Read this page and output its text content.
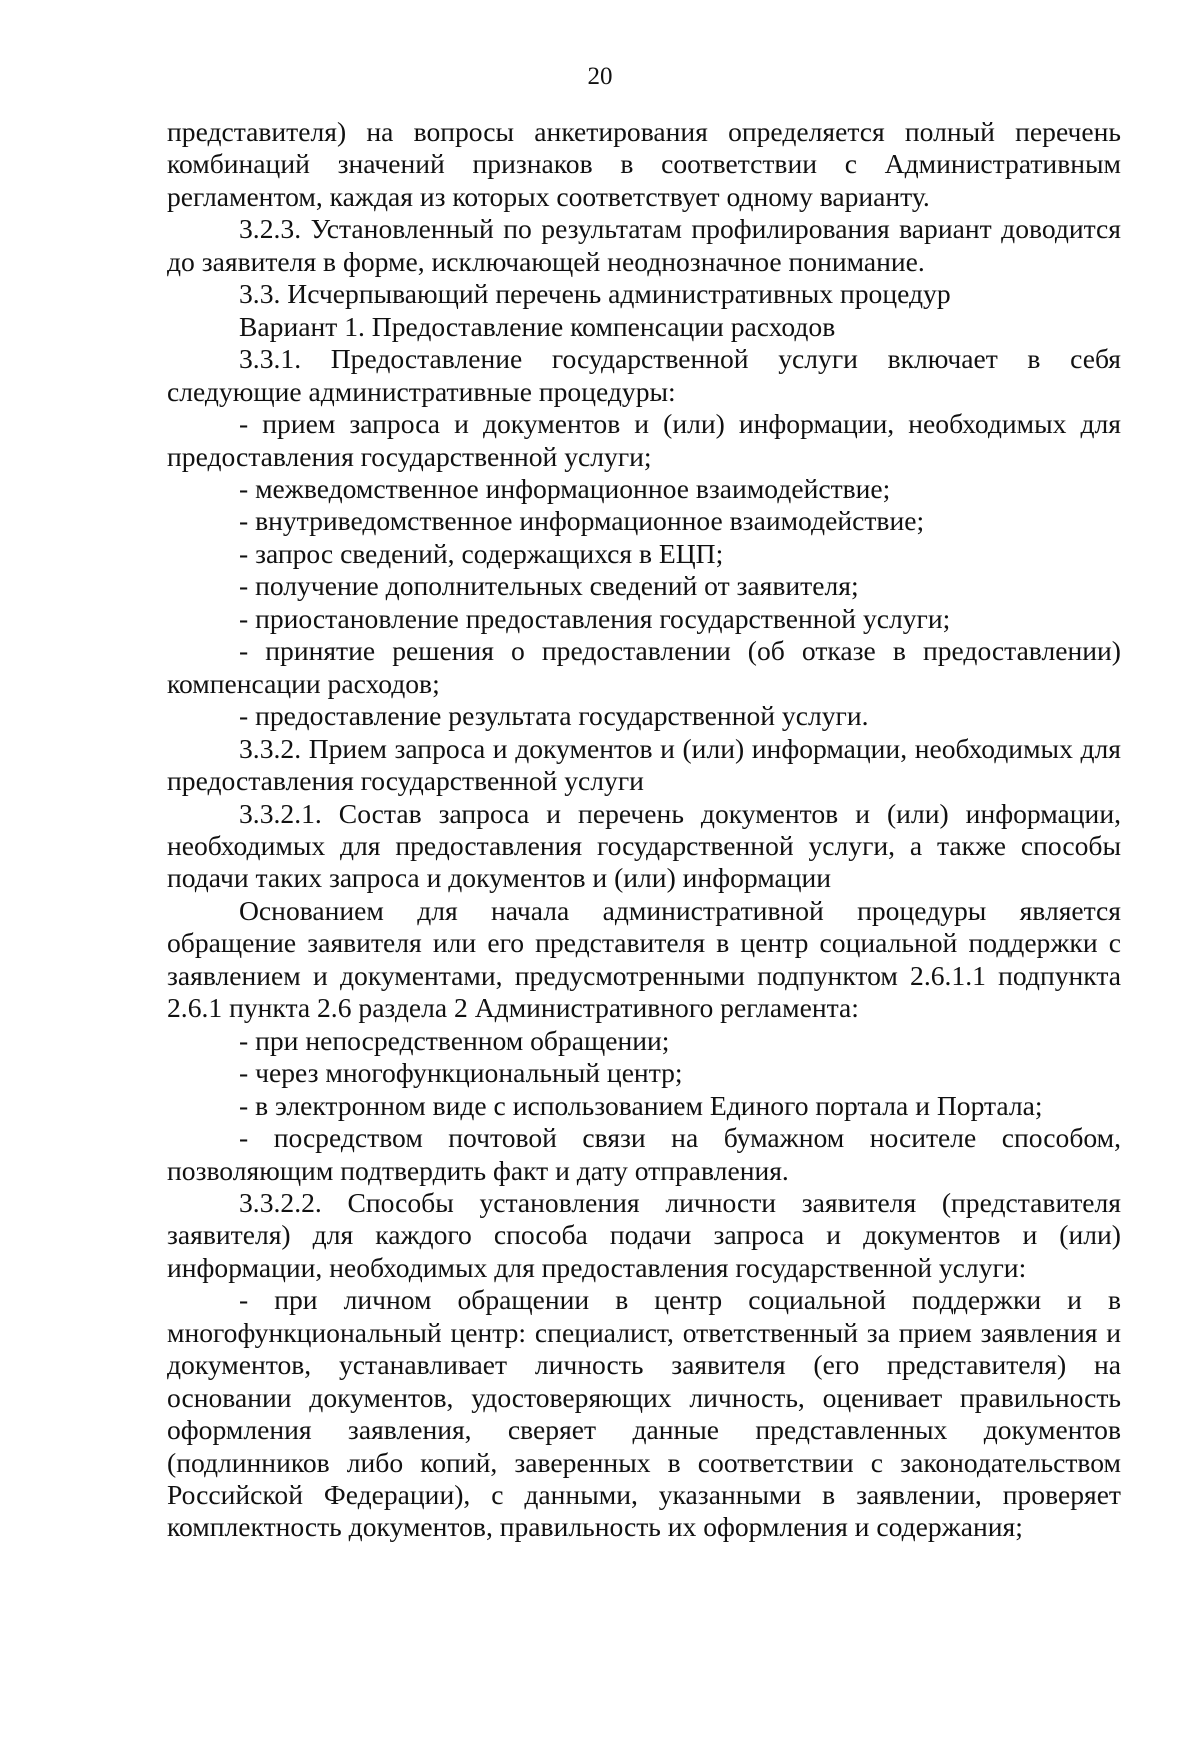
20

представителя) на вопросы анкетирования определяется полный перечень комбинаций значений признаков в соответствии с Административным регламентом, каждая из которых соответствует одному варианту.

3.2.3. Установленный по результатам профилирования вариант доводится до заявителя в форме, исключающей неоднозначное понимание.

3.3. Исчерпывающий перечень административных процедур

Вариант 1. Предоставление компенсации расходов

3.3.1. Предоставление государственной услуги включает в себя следующие административные процедуры:

- прием запроса и документов и (или) информации, необходимых для предоставления государственной услуги;

- межведомственное информационное взаимодействие;

- внутриведомственное информационное взаимодействие;

- запрос сведений, содержащихся в ЕЦП;

- получение дополнительных сведений от заявителя;

- приостановление предоставления государственной услуги;

- принятие решения о предоставлении (об отказе в предоставлении) компенсации расходов;

- предоставление результата государственной услуги.

3.3.2. Прием запроса и документов и (или) информации, необходимых для предоставления государственной услуги

3.3.2.1. Состав запроса и перечень документов и (или) информации, необходимых для предоставления государственной услуги, а также способы подачи таких запроса и документов и (или) информации

Основанием для начала административной процедуры является обращение заявителя или его представителя в центр социальной поддержки с заявлением и документами, предусмотренными подпунктом 2.6.1.1 подпункта 2.6.1 пункта 2.6 раздела 2 Административного регламента:

- при непосредственном обращении;

- через многофункциональный центр;

- в электронном виде с использованием Единого портала и Портала;

- посредством почтовой связи на бумажном носителе способом, позволяющим подтвердить факт и дату отправления.

3.3.2.2. Способы установления личности заявителя (представителя заявителя) для каждого способа подачи запроса и документов и (или) информации, необходимых для предоставления государственной услуги:

- при личном обращении в центр социальной поддержки и в многофункциональный центр: специалист, ответственный за прием заявления и документов, устанавливает личность заявителя (его представителя) на основании документов, удостоверяющих личность, оценивает правильность оформления заявления, сверяет данные представленных документов (подлинников либо копий, заверенных в соответствии с законодательством Российской Федерации), с данными, указанными в заявлении, проверяет комплектность документов, правильность их оформления и содержания;
